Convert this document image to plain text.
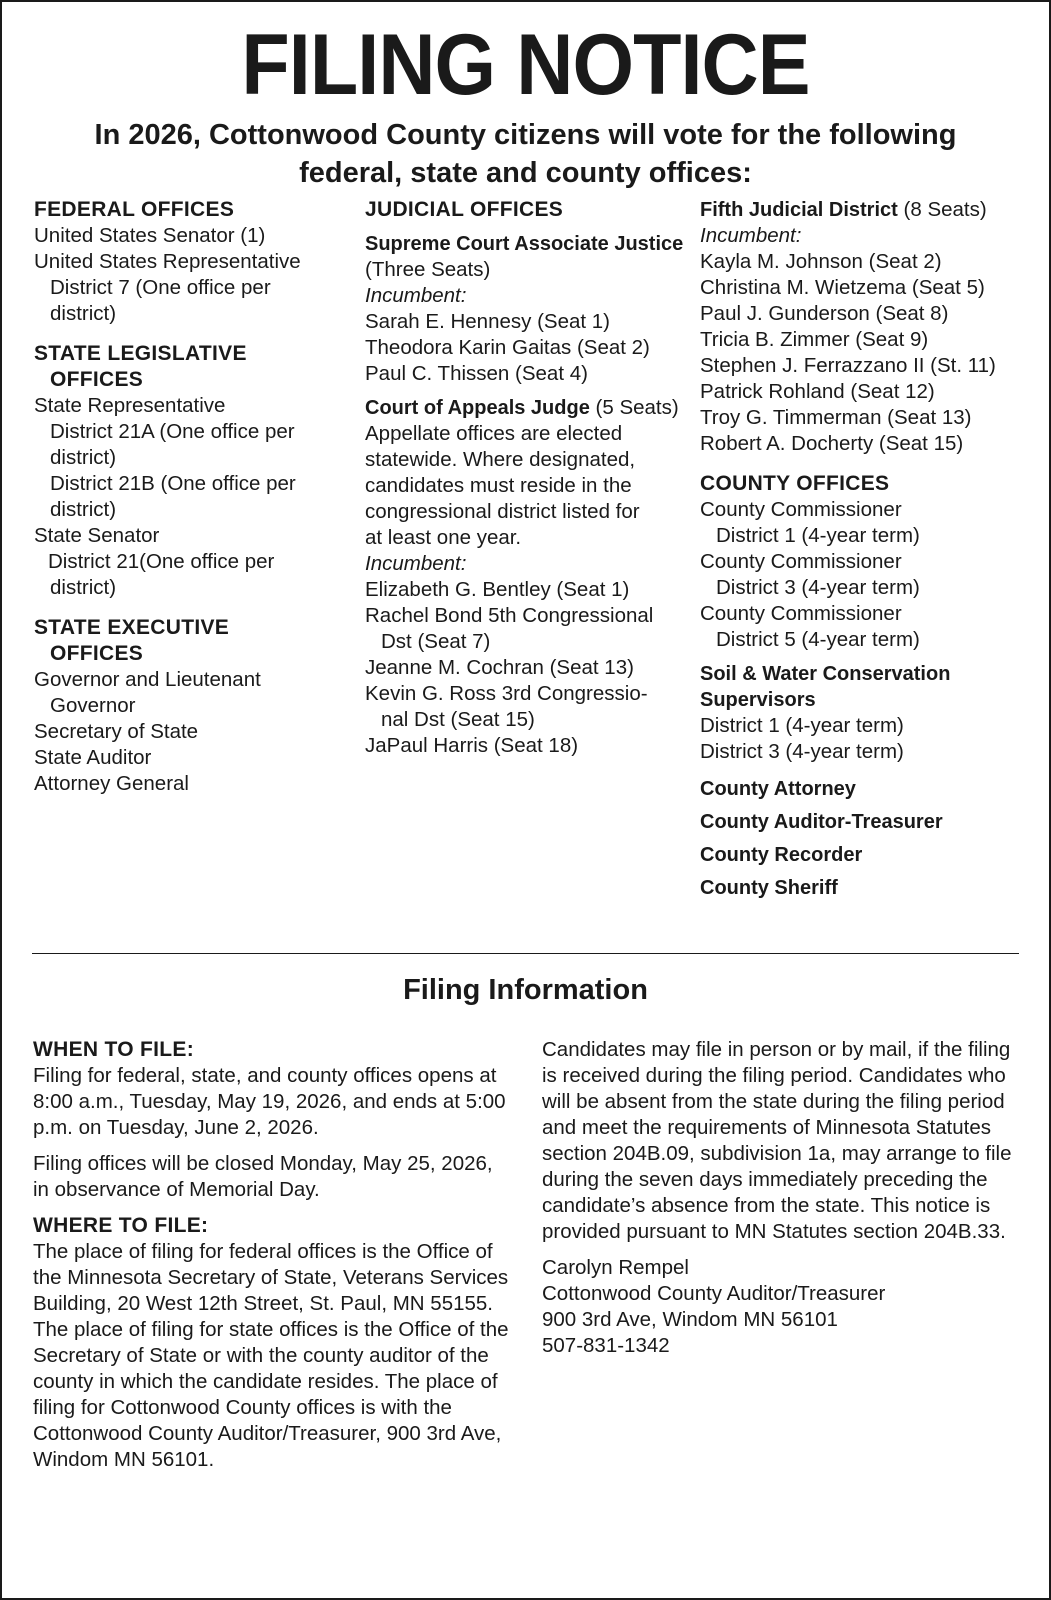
FILING NOTICE
In 2026, Cottonwood County citizens will vote for the following federal, state and county offices:
FEDERAL OFFICES
United States Senator (1)
United States Representative
District 7 (One office per
district)
STATE LEGISLATIVE
OFFICES
State Representative
District 21A (One office per
district)
District 21B (One office per
district)
State Senator
District 21(One office per
district)
STATE EXECUTIVE
OFFICES
Governor and Lieutenant
Governor
Secretary of State
State Auditor
Attorney General
JUDICIAL OFFICES
Supreme Court Associate Justice
(Three Seats)
Incumbent:
Sarah E. Hennesy (Seat 1)
Theodora Karin Gaitas (Seat 2)
Paul C. Thissen (Seat 4)
Court of Appeals Judge (5 Seats)
Appellate offices are elected
statewide. Where designated,
candidates must reside in the
congressional district listed for
at least one year.
Incumbent:
Elizabeth G. Bentley (Seat 1)
Rachel Bond 5th Congressional
Dst (Seat 7)
Jeanne M. Cochran (Seat 13)
Kevin G. Ross 3rd Congressio-
nal Dst (Seat 15)
JaPaul Harris (Seat 18)
Fifth Judicial District (8 Seats)
Incumbent:
Kayla M. Johnson (Seat 2)
Christina M. Wietzema (Seat 5)
Paul J. Gunderson (Seat 8)
Tricia B. Zimmer (Seat 9)
Stephen J. Ferrazzano II (St. 11)
Patrick Rohland (Seat 12)
Troy G. Timmerman (Seat 13)
Robert A. Docherty (Seat 15)
COUNTY OFFICES
County Commissioner
District 1 (4-year term)
County Commissioner
District 3 (4-year term)
County Commissioner
District 5 (4-year term)
Soil & Water Conservation
Supervisors
District 1 (4-year term)
District 3 (4-year term)
County Attorney
County Auditor-Treasurer
County Recorder
County Sheriff
Filing Information
WHEN TO FILE:

Filing for federal, state, and county offices opens at 8:00 a.m., Tuesday, May 19, 2026, and ends at 5:00 p.m. on Tuesday, June 2, 2026.

Filing offices will be closed Monday, May 25, 2026, in observance of Memorial Day.

WHERE TO FILE:

The place of filing for federal offices is the Office of the Minnesota Secretary of State, Veterans Services Building, 20 West 12th Street, St. Paul, MN 55155. The place of filing for state offices is the Office of the Secretary of State or with the county auditor of the county in which the candidate resides. The place of filing for Cottonwood County offices is with the Cottonwood County Auditor/Treasurer, 900 3rd Ave, Windom MN 56101.

Candidates may file in person or by mail, if the filing is received during the filing period. Candidates who will be absent from the state during the filing period and meet the requirements of Minnesota Statutes section 204B.09, subdivision 1a, may arrange to file during the seven days immediately preceding the candidate’s absence from the state. This notice is provided pursuant to MN Statutes section 204B.33.

Carolyn Rempel
Cottonwood County Auditor/Treasurer
900 3rd Ave, Windom MN 56101
507-831-1342
